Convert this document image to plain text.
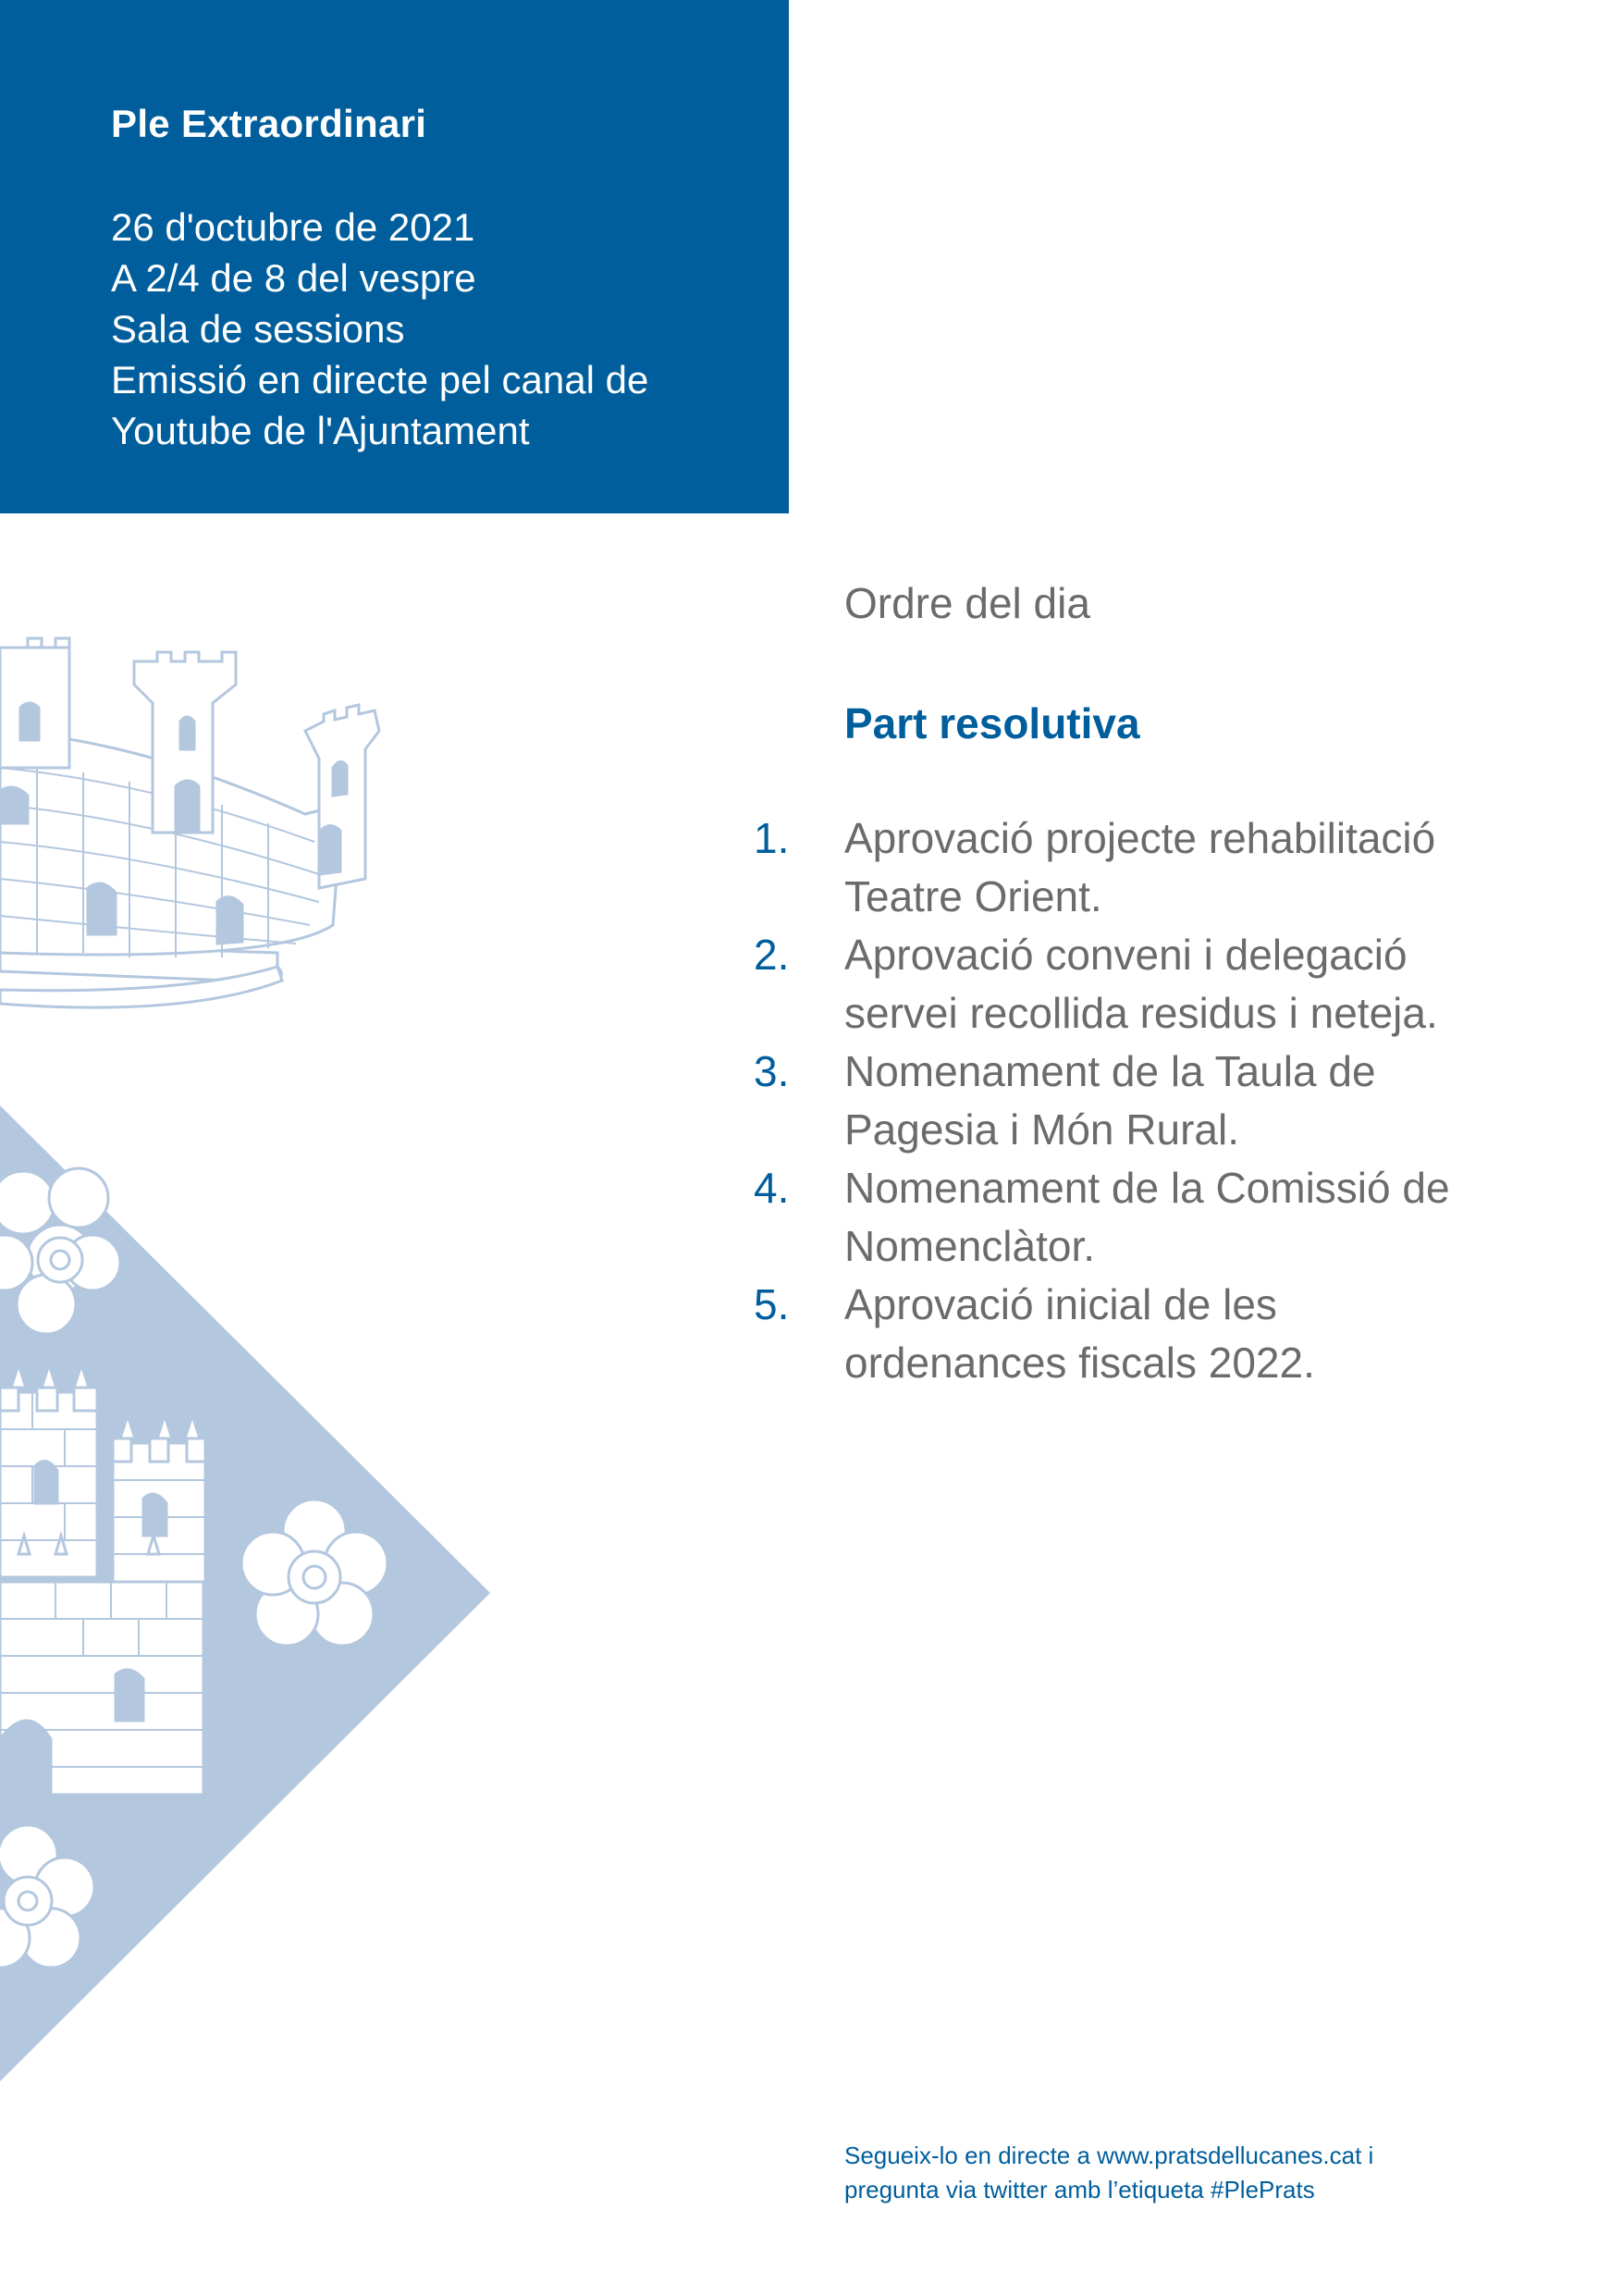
Ple Extraordinari
26 d'octubre de 2021
A 2/4 de 8 del vespre
Sala de sessions
Emissió en directe pel canal de
Youtube de l'Ajuntament
Ordre del dia
Part resolutiva
1.	Aprovació projecte rehabilitació
Teatre Orient.
2.	Aprovació conveni i delegació
servei recollida residus i neteja.
3.	Nomenament de la Taula de
Pagesia i Món Rural.
4.	Nomenament de la Comissió de
Nomenclàtor.
5.	Aprovació inicial de les
ordenances fiscals 2022.
Segueix-lo en directe a www.pratsdellucanes.cat i
pregunta via twitter amb l’etiqueta #PlePrats
